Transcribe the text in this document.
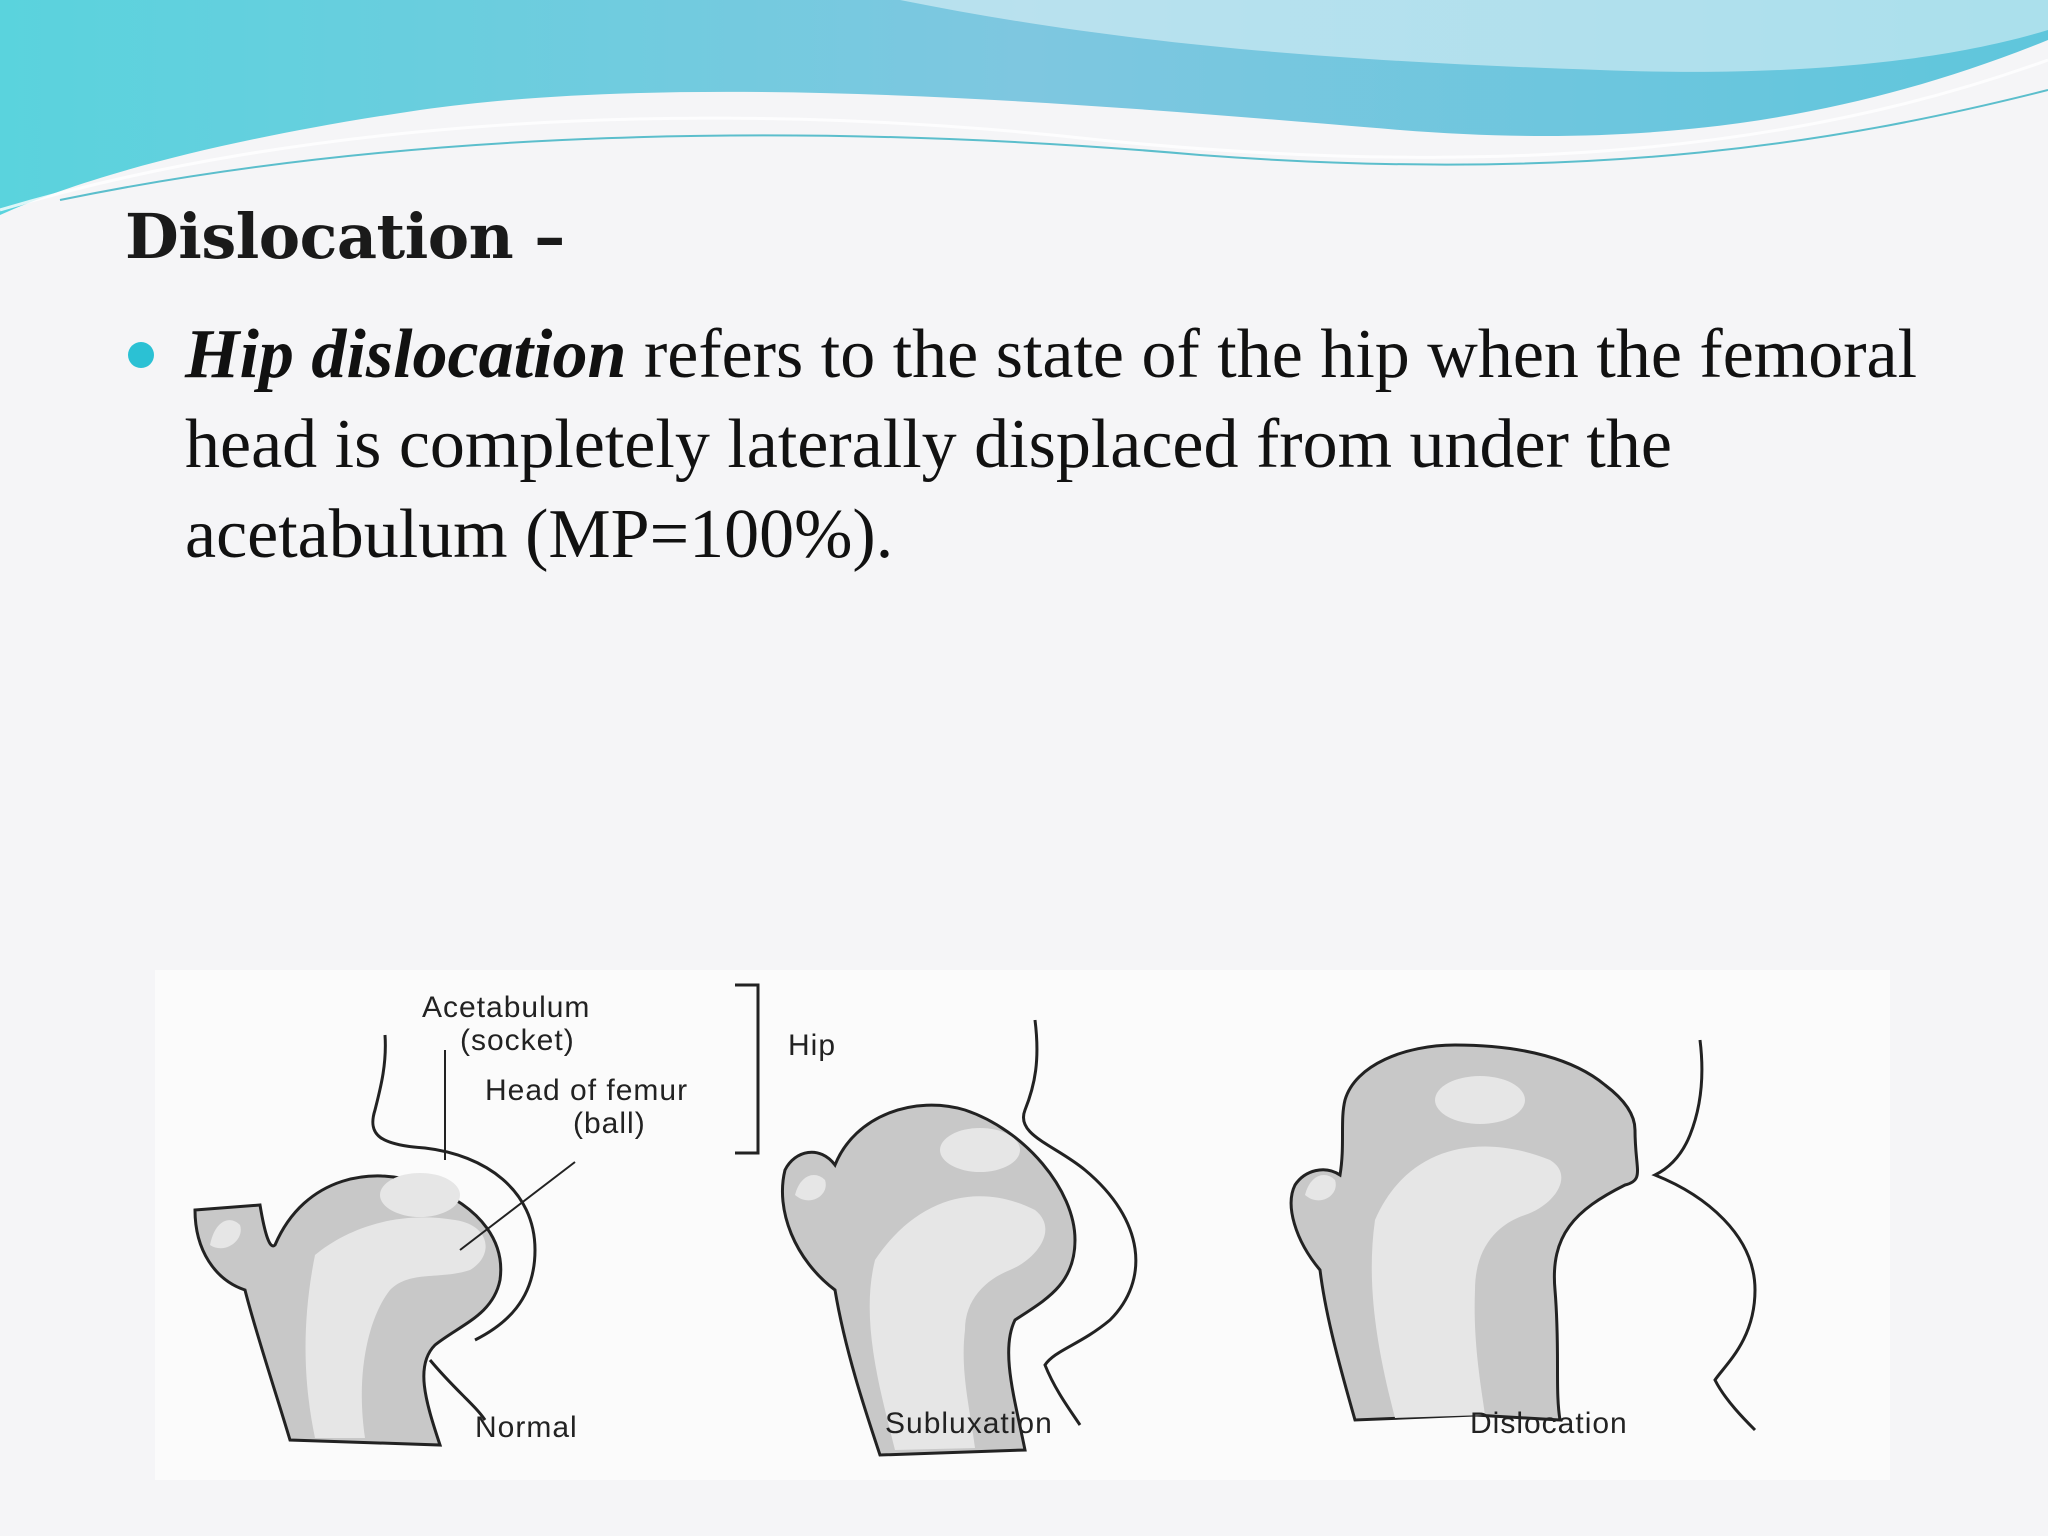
Dislocation –
Hip dislocation refers to the state of the hip when the femoral head is completely laterally displaced from under the acetabulum (MP=100%).
Acetabulum
(socket)
Head of femur
(ball)
Hip
Normal	Subluxation	Dislocation
